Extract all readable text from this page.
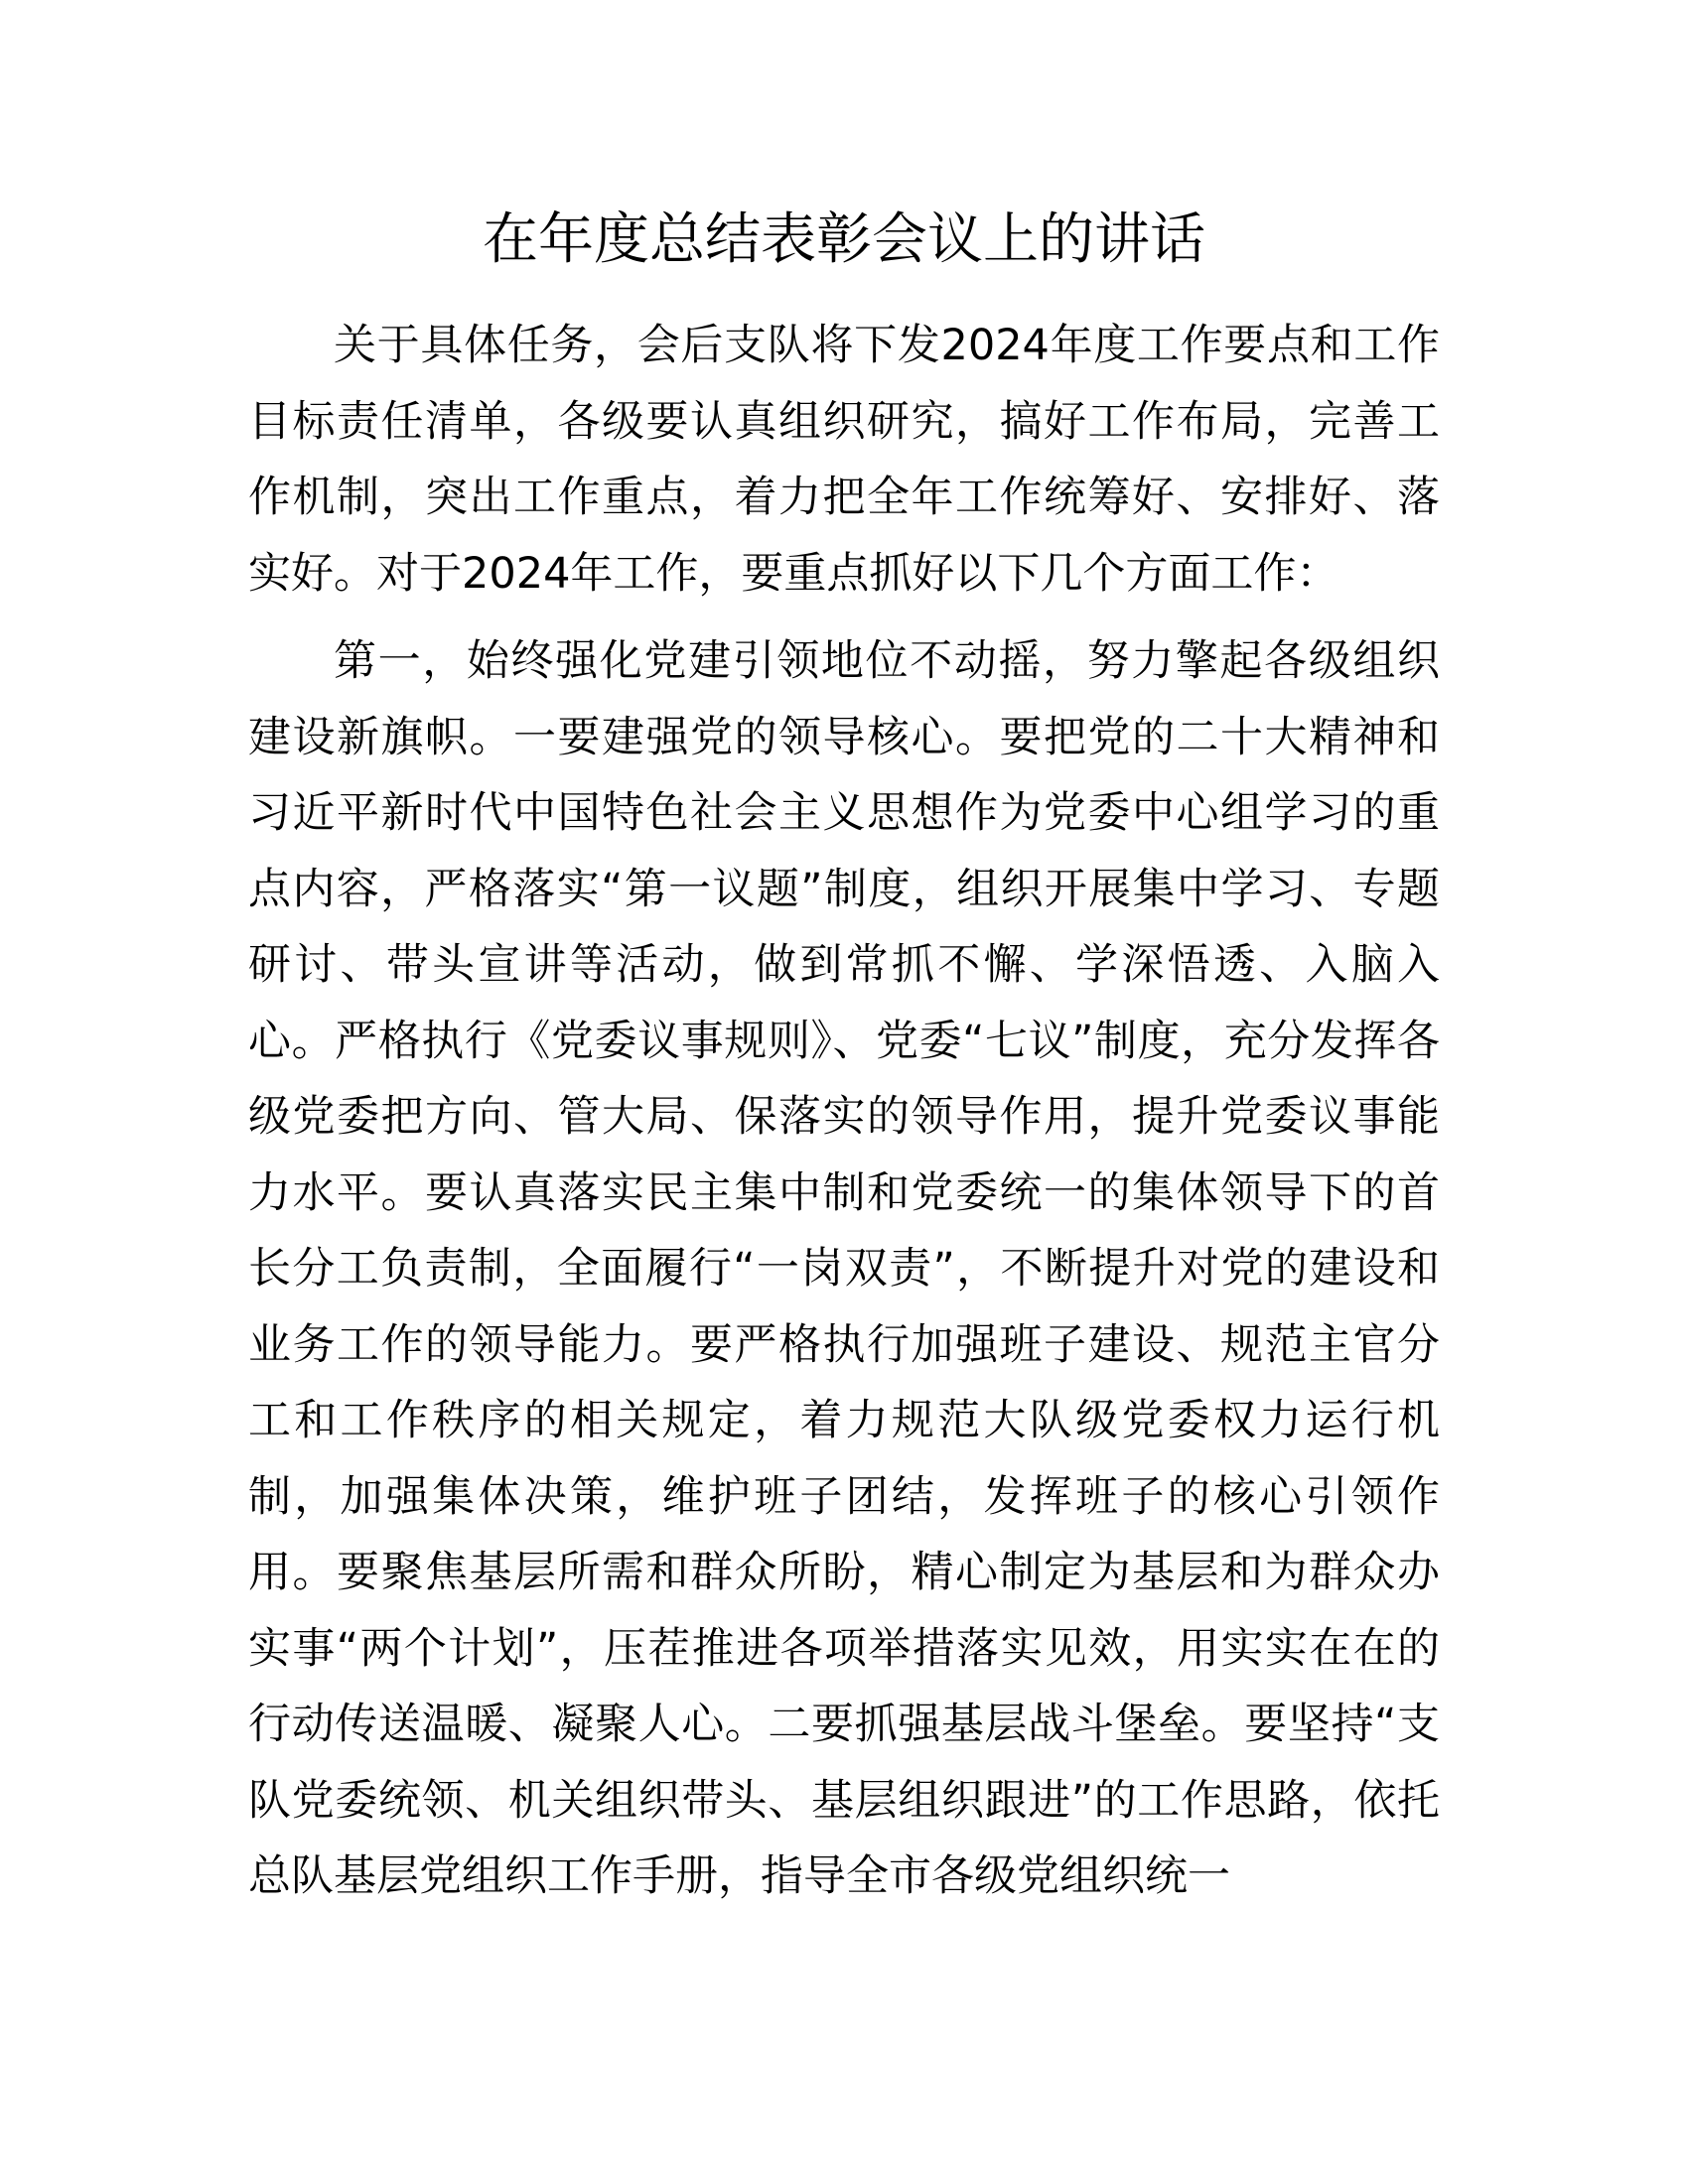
在年度总结表彰会议上的讲话

关于具体任务，会后支队将下发2024年度工作要点和工作目标责任清单，各级要认真组织研究，搞好工作布局，完善工作机制，突出工作重点，着力把全年工作统筹好、安排好、落实好。对于2024年工作，要重点抓好以下几个方面工作：

第一，始终强化党建引领地位不动摇，努力擎起各级组织建设新旗帜。一要建强党的领导核心。要把党的二十大精神和习近平新时代中国特色社会主义思想作为党委中心组学习的重点内容，严格落实“第一议题”制度，组织开展集中学习、专题研讨、带头宣讲等活动，做到常抓不懈、学深悟透、入脑入心。严格执行《党委议事规则》、党委“七议”制度，充分发挥各级党委把方向、管大局、保落实的领导作用，提升党委议事能力水平。要认真落实民主集中制和党委统一的集体领导下的首长分工负责制，全面履行“一岗双责”，不断提升对党的建设和业务工作的领导能力。要严格执行加强班子建设、规范主官分工和工作秩序的相关规定，着力规范大队级党委权力运行机制，加强集体决策，维护班子团结，发挥班子的核心引领作用。要聚焦基层所需和群众所盼，精心制定为基层和为群众办实事“两个计划”，压茬推进各项举措落实见效，用实实在在的行动传送温暖、凝聚人心。二要抓强基层战斗堡垒。要坚持“支队党委统领、机关组织带头、基层组织跟进”的工作思路，依托总队基层党组织工作手册，指导全市各级党组织统一
